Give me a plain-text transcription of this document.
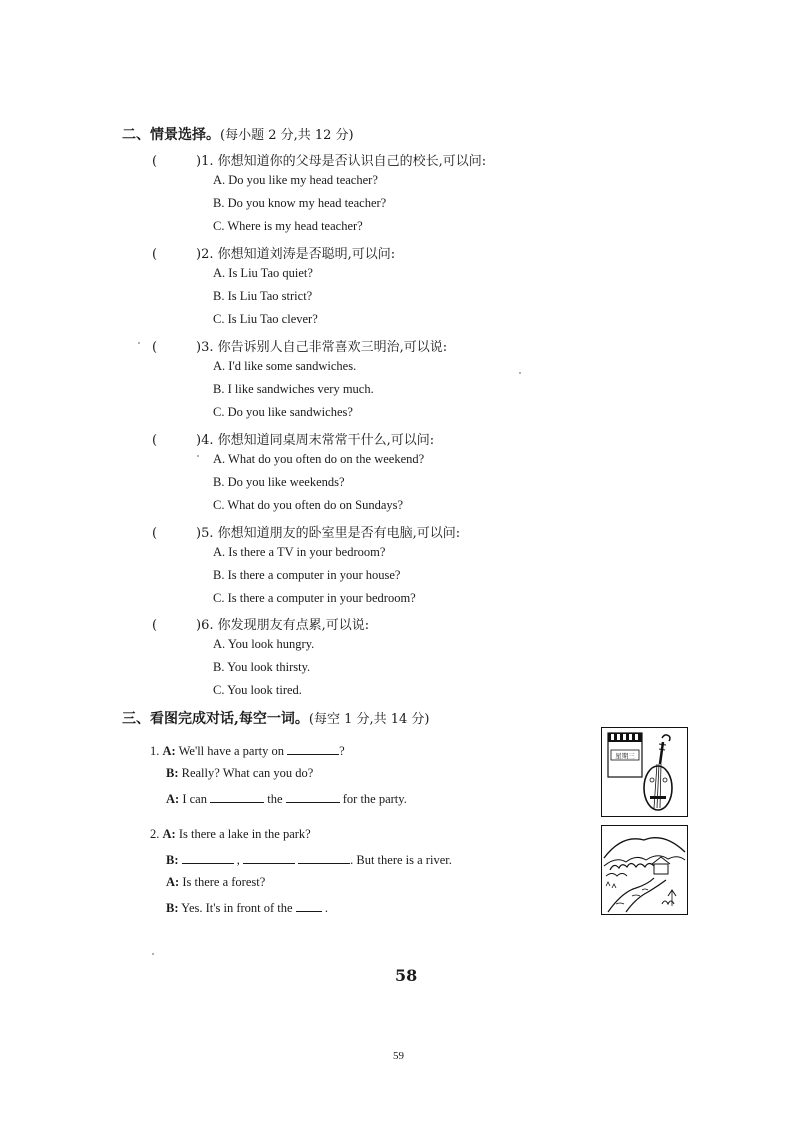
二、情景选择。(每小题 2 分,共 12 分)
(	)1. 你想知道你的父母是否认识自己的校长,可以问:
A. Do you like my head teacher?
B. Do you know my head teacher?
C. Where is my head teacher?
(	)2. 你想知道刘涛是否聪明,可以问:
A. Is Liu Tao quiet?
B. Is Liu Tao strict?
C. Is Liu Tao clever?
(	)3. 你告诉别人自己非常喜欢三明治,可以说:
A. I'd like some sandwiches.
B. I like sandwiches very much.
C. Do you like sandwiches?
(	)4. 你想知道同桌周末常常干什么,可以问:
A. What do you often do on the weekend?
B. Do you like weekends?
C. What do you often do on Sundays?
(	)5. 你想知道朋友的卧室里是否有电脑,可以问:
A. Is there a TV in your bedroom?
B. Is there a computer in your house?
C. Is there a computer in your bedroom?
(	)6. 你发现朋友有点累,可以说:
A. You look hungry.
B. You look thirsty.
C. You look tired.
三、看图完成对话,每空一词。(每空 1 分,共 14 分)
1. A: We'll have a party on	?
B: Really? What can you do?
A: I can	the	for the party.
2. A: Is there a lake in the park?
B:	,	. But there is a river.
A: Is there a forest?
B: Yes. It's in front of the	.
星期三
58
59
